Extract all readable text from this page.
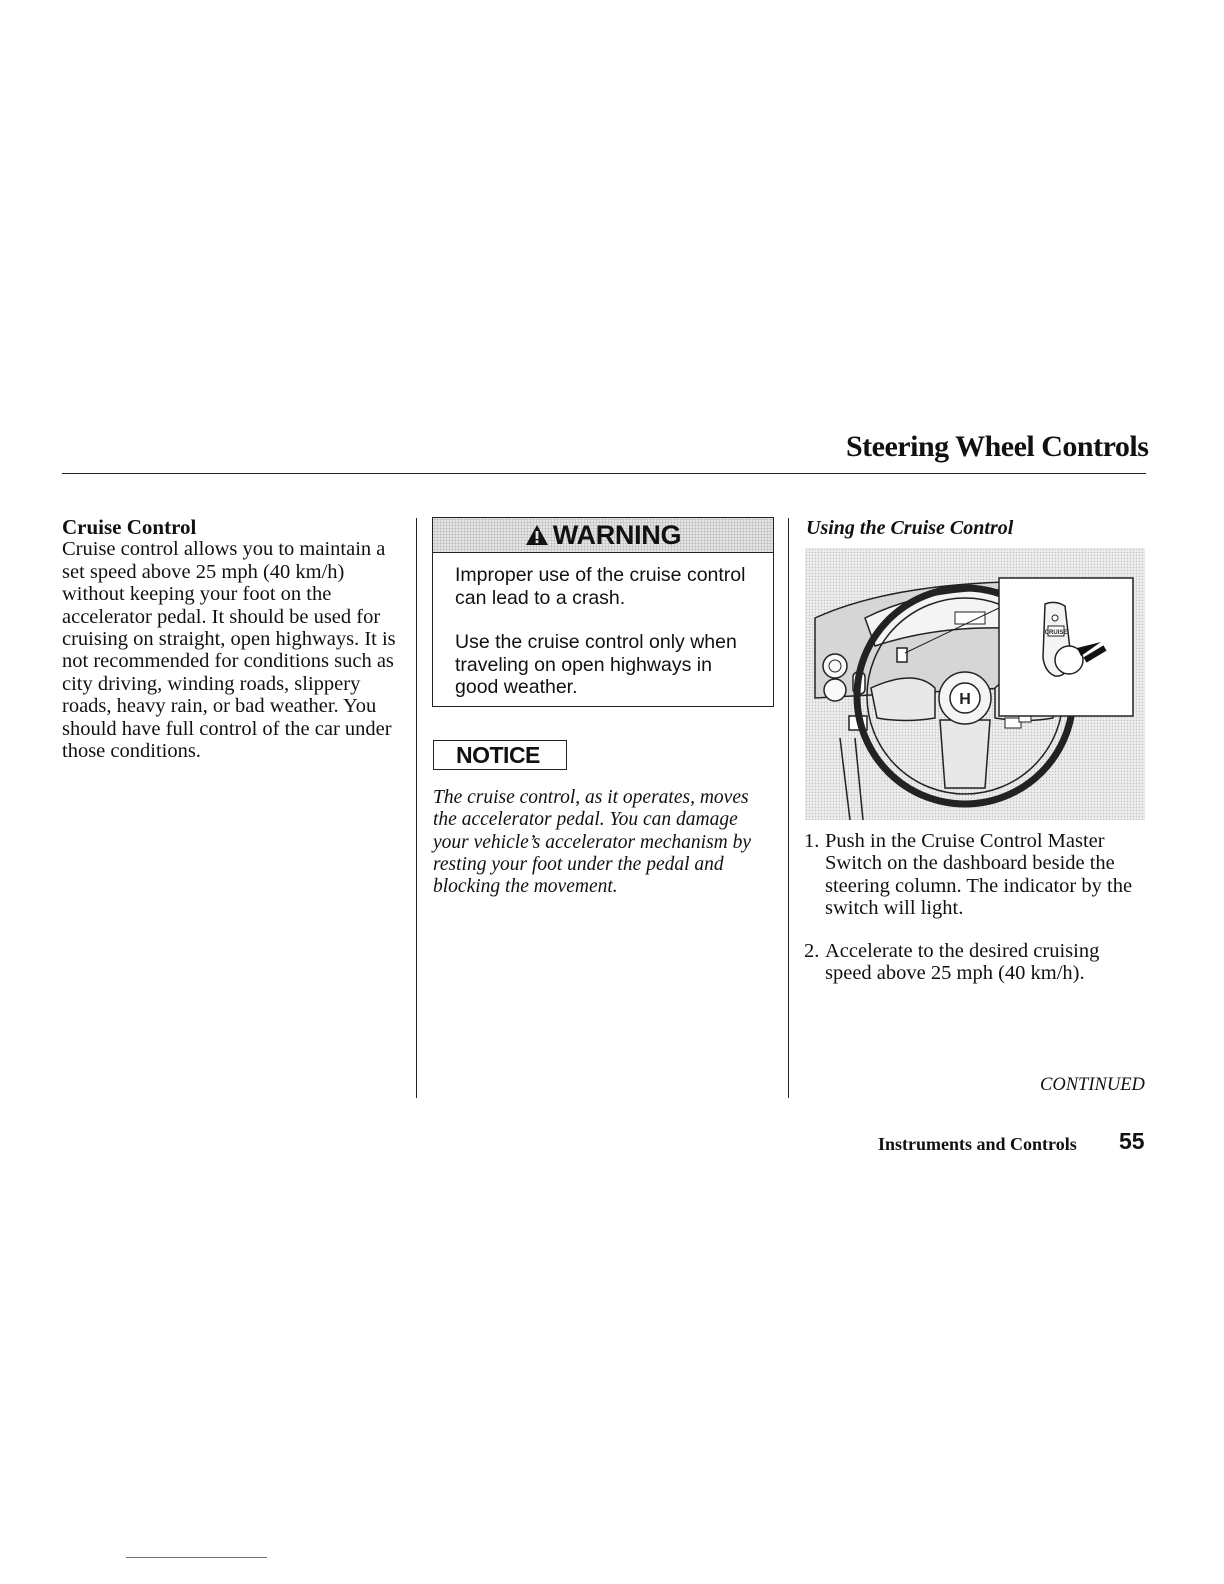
Steering Wheel Controls
Cruise Control
Cruise control allows you to maintain a set speed above 25 mph (40 km/h) without keeping your foot on the accelerator pedal. It should be used for cruising on straight, open highways. It is not recommended for conditions such as city driving, winding roads, slippery roads, heavy rain, or bad weather. You should have full control of the car under those conditions.
WARNING

Improper use of the cruise control can lead to a crash.

Use the cruise control only when traveling on open highways in good weather.

NOTICE
The cruise control, as it operates, moves the accelerator pedal. You can damage your vehicle’s accelerator mechanism by resting your foot under the pedal and blocking the movement.
Using the Cruise Control
H
CRUISE
1. Push in the Cruise Control Master Switch on the dashboard beside the steering column. The indicator by the switch will light.
2. Accelerate to the desired cruising speed above 25 mph (40 km/h).
CONTINUED
Instruments and Controls 55
